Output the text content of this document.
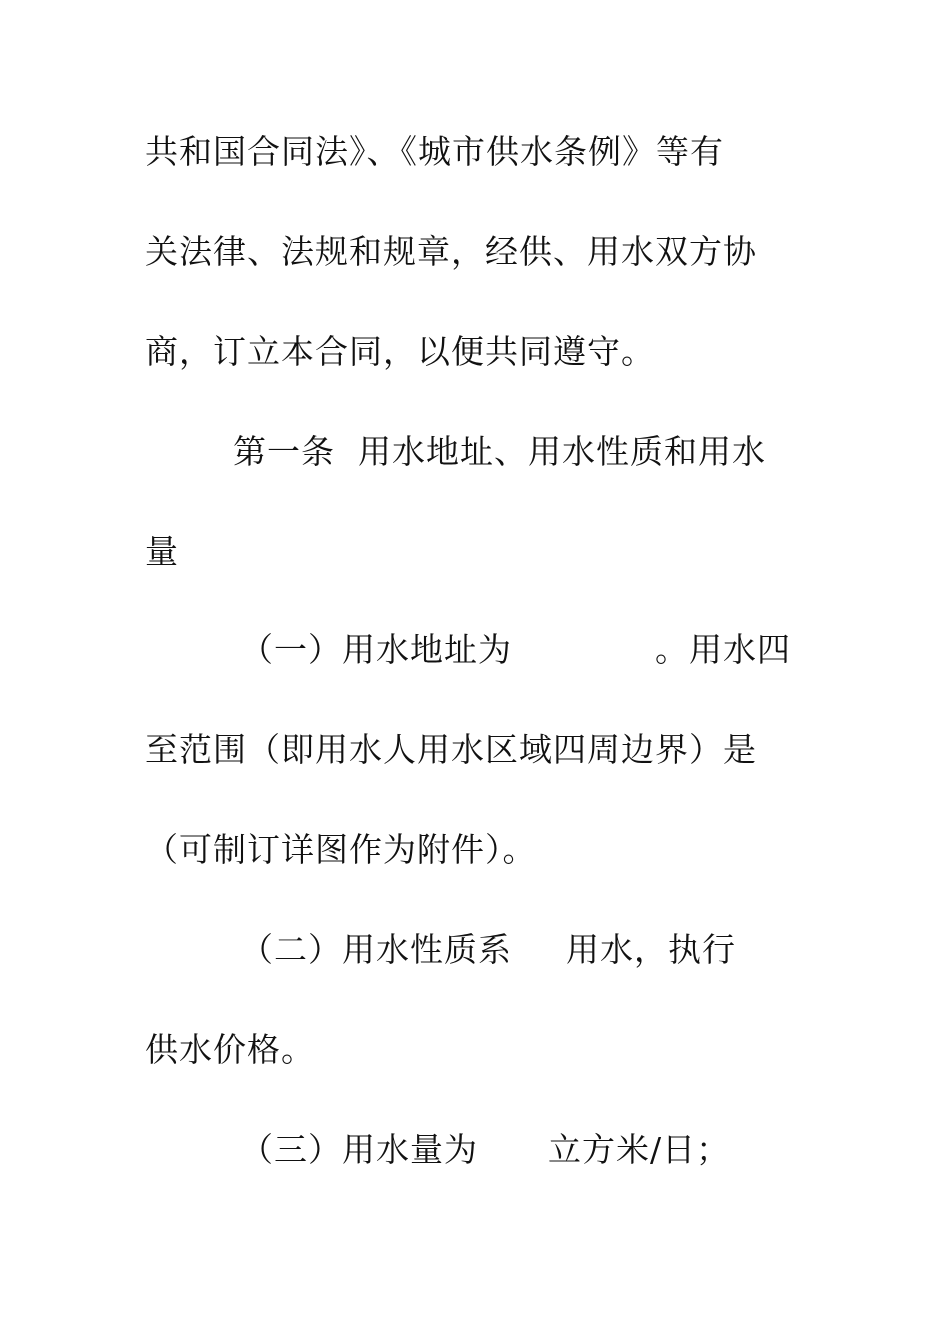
共和国合同法》、《城市供水条例》等有
关法律、法规和规章，经供、用水双方协
商，订立本合同，以便共同遵守。
第一条  用水地址、用水性质和用水
量
（一）用水地址为	。用水四
至范围（即用水人用水区域四周边界）是
（可制订详图作为附件）。
（二）用水性质系 用水，执行
供水价格。
（三）用水量为 立方米/日；
